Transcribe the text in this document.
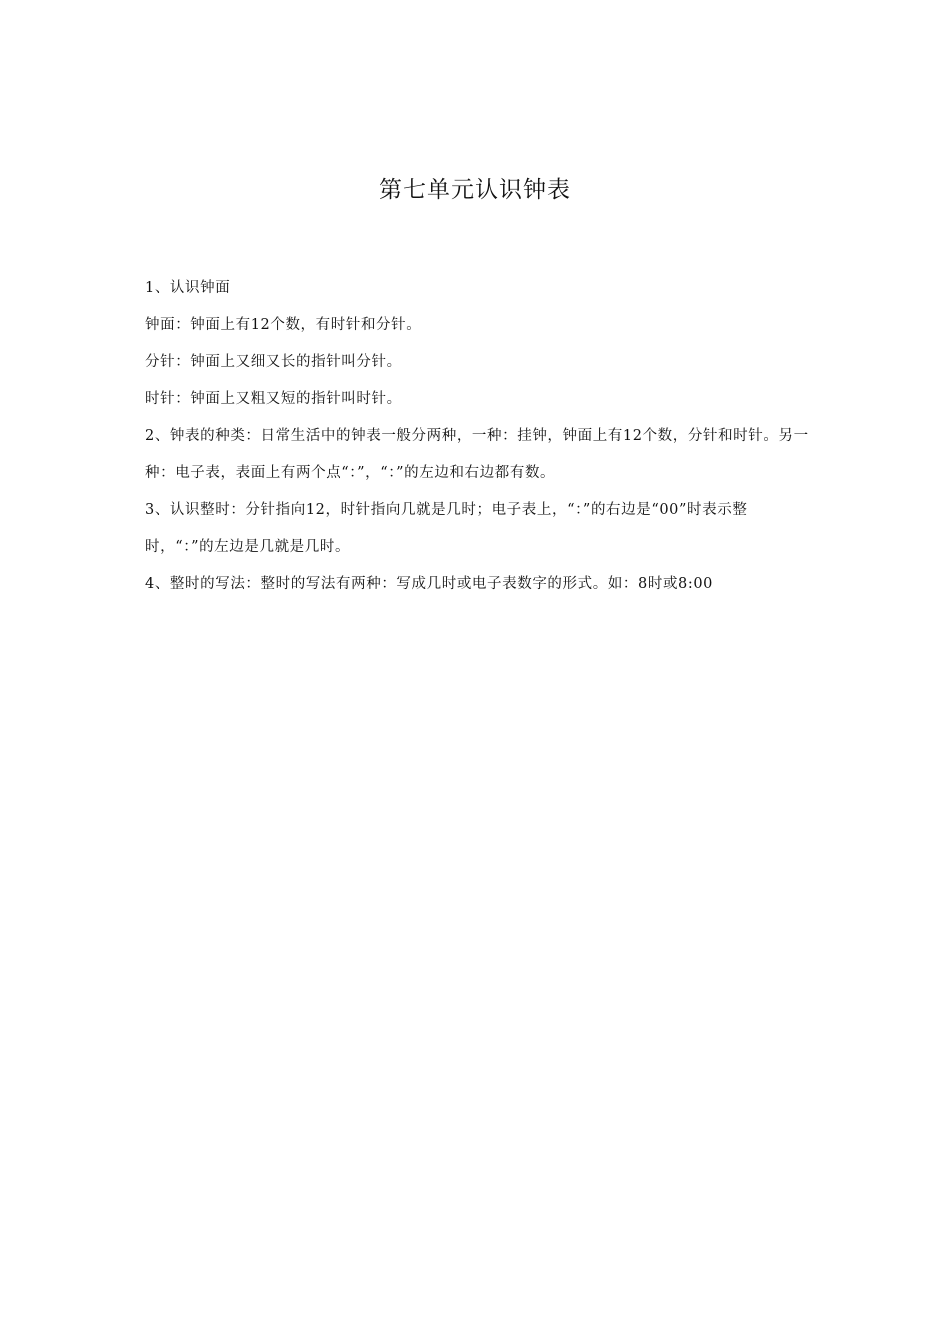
第七单元认识钟表

1、认识钟面

钟面：钟面上有12个数，有时针和分针。

分针：钟面上又细又长的指针叫分针。

时针：钟面上又粗又短的指针叫时针。

2、钟表的种类：日常生活中的钟表一般分两种，一种：挂钟，钟面上有12个数，分针和时针。另一种：电子表，表面上有两个点“：”，“：”的左边和右边都有数。

3、认识整时：分针指向12，时针指向几就是几时；电子表上，“：”的右边是“00”时表示整时，“：”的左边是几就是几时。

4、整时的写法：整时的写法有两种：写成几时或电子表数字的形式。如：8时或8:00
